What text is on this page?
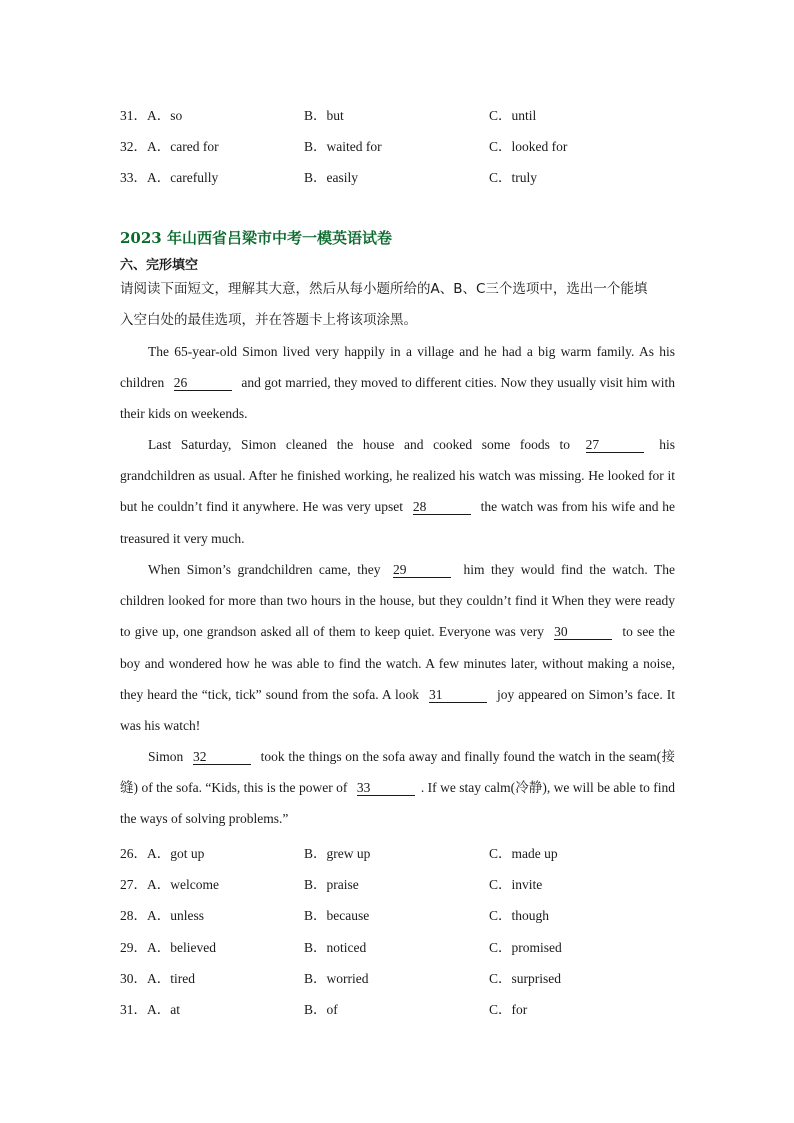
31． A．so	B．but	C．until
32． A．cared for	B．waited for	C．looked for
33． A．carefully	B．easily	C．truly
2023 年山西省吕梁市中考一模英语试卷
六、完形填空
请阅读下面短文，理解其大意，然后从每小题所给的A、B、C三个选项中，选出一个能填
入空白处的最佳选项，并在答题卡上将该项涂黑。
The 65-year-old Simon lived very happily in a village and he had a big warm family. As his children 26	and got married, they moved to different cities. Now they usually visit him with their kids on weekends.
Last Saturday, Simon cleaned the house and cooked some foods to 27	his grandchildren as usual. After he finished working, he realized his watch was missing. He looked for it but he couldn’t find it anywhere. He was very upset 28	the watch was from his wife and he treasured it very much.
When Simon’s grandchildren came, they 29	him they would find the watch. The children looked for more than two hours in the house, but they couldn’t find it When they were ready to give up, one grandson asked all of them to keep quiet. Everyone was very 30	to see the boy and wondered how he was able to find the watch. A few minutes later, without making a noise, they heard the “tick, tick” sound from the sofa. A look 31	joy appeared on Simon’s face. It was his watch!
Simon 32	took the things on the sofa away and finally found the watch in the seam(接缝) of the sofa. “Kids, this is the power of 33	. If we stay calm(冷静), we will be able to find the ways of solving problems.”
26． A．got up	B．grew up	C．made up
27． A．welcome	B．praise	C．invite
28． A．unless	B．because	C．though
29． A．believed	B．noticed	C．promised
30． A．tired	B．worried	C．surprised
31． A．at	B．of	C．for
